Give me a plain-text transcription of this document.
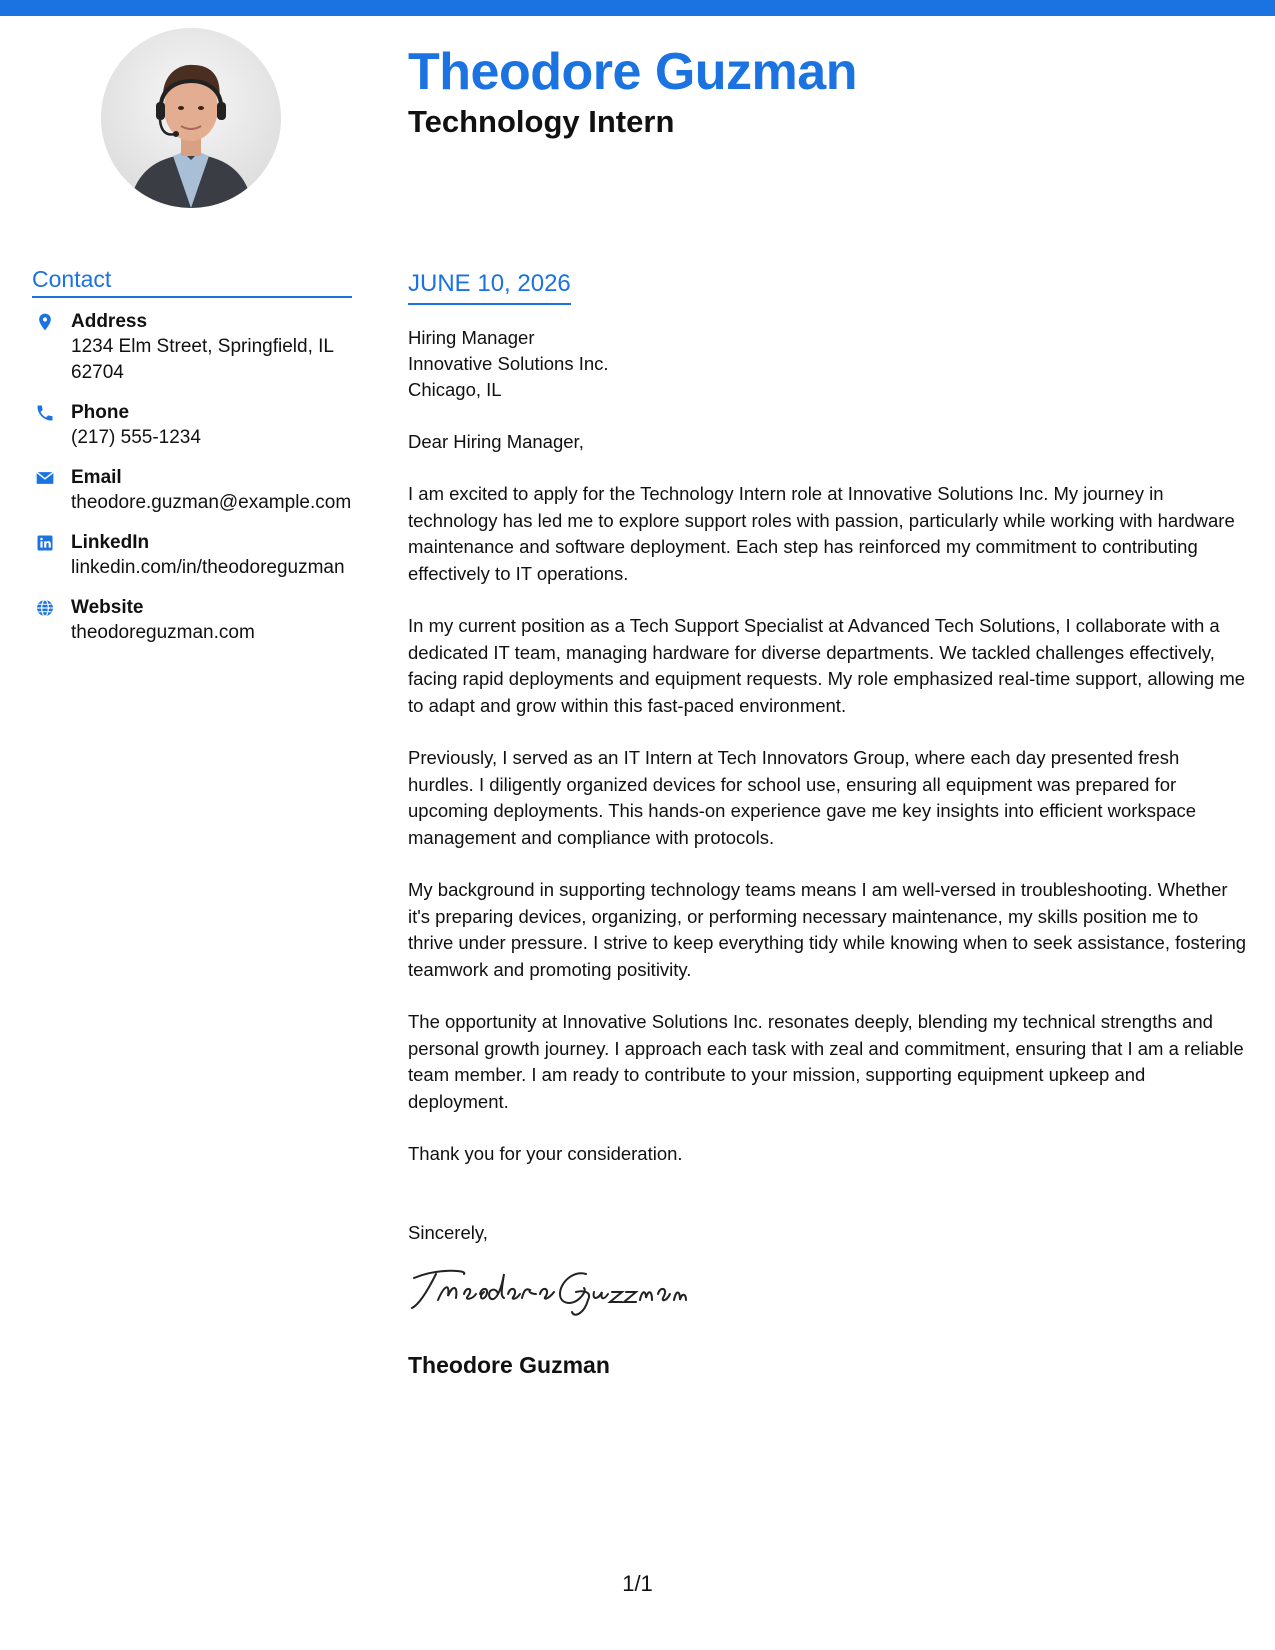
Theodore Guzman
Technology Intern
Contact
Address
1234 Elm Street, Springfield, IL 62704
Phone
(217) 555-1234
Email
theodore.guzman@example.com
LinkedIn
linkedin.com/in/theodoreguzman
Website
theodoreguzman.com
JUNE 10, 2026
Hiring Manager
Innovative Solutions Inc.
Chicago, IL
Dear Hiring Manager,

I am excited to apply for the Technology Intern role at Innovative Solutions Inc. My journey in technology has led me to explore support roles with passion, particularly while working with hardware maintenance and software deployment. Each step has reinforced my commitment to contributing effectively to IT operations.

In my current position as a Tech Support Specialist at Advanced Tech Solutions, I collaborate with a dedicated IT team, managing hardware for diverse departments. We tackled challenges effectively, facing rapid deployments and equipment requests. My role emphasized real-time support, allowing me to adapt and grow within this fast-paced environment.

Previously, I served as an IT Intern at Tech Innovators Group, where each day presented fresh hurdles. I diligently organized devices for school use, ensuring all equipment was prepared for upcoming deployments. This hands-on experience gave me key insights into efficient workspace management and compliance with protocols.

My background in supporting technology teams means I am well-versed in troubleshooting. Whether it's preparing devices, organizing, or performing necessary maintenance, my skills position me to thrive under pressure. I strive to keep everything tidy while knowing when to seek assistance, fostering teamwork and promoting positivity.

The opportunity at Innovative Solutions Inc. resonates deeply, blending my technical strengths and personal growth journey. I approach each task with zeal and commitment, ensuring that I am a reliable team member. I am ready to contribute to your mission, supporting equipment upkeep and deployment.

Thank you for your consideration.

Sincerely,
Theodore Guzman
1/1
